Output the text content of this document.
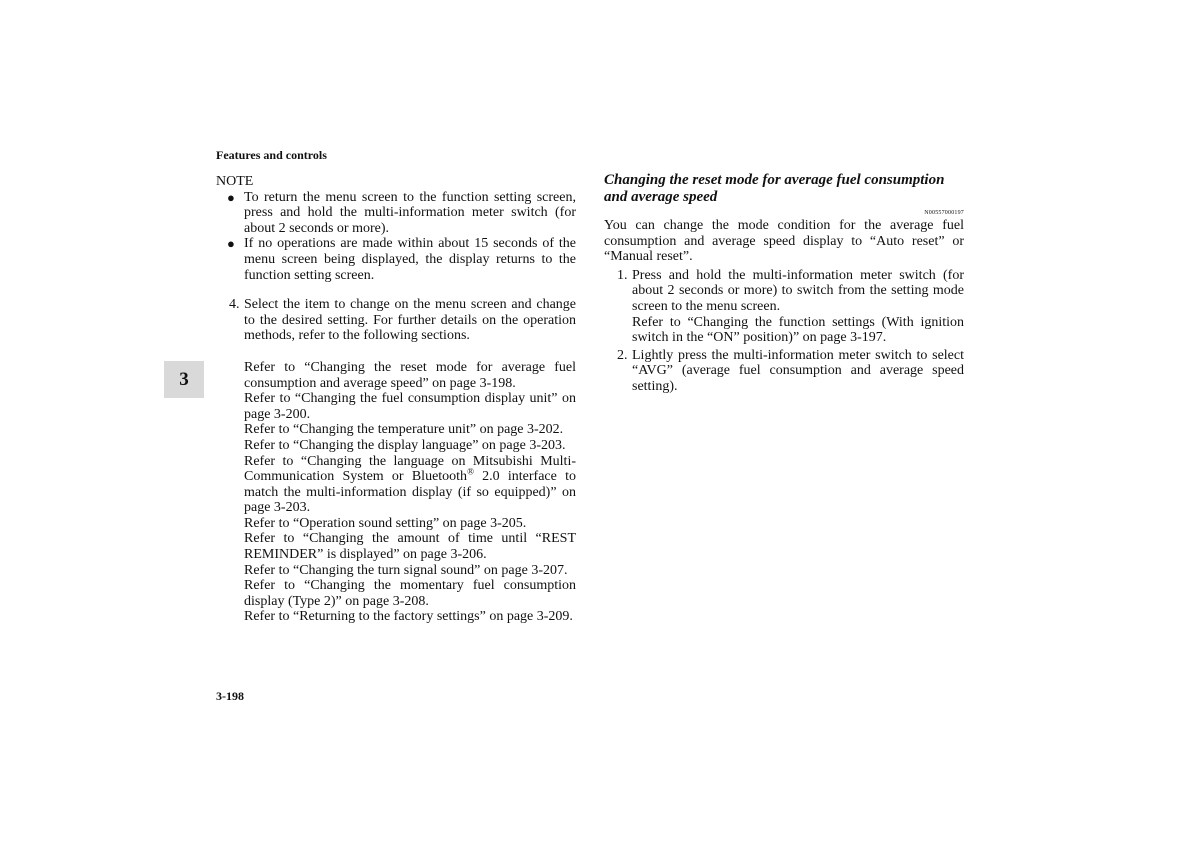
Features and controls
3
NOTE
● To return the menu screen to the function setting screen, press and hold the multi-information meter switch (for about 2 seconds or more).
● If no operations are made within about 15 seconds of the menu screen being displayed, the display returns to the function setting screen.
4. Select the item to change on the menu screen and change to the desired setting. For further details on the operation methods, refer to the following sections.
Refer to “Changing the reset mode for average fuel consumption and average speed” on page 3-198.
Refer to “Changing the fuel consumption display unit” on page 3-200.
Refer to “Changing the temperature unit” on page 3-202.
Refer to “Changing the display language” on page 3-203.
Refer to “Changing the language on Mitsubishi Multi-Communication System or Bluetooth® 2.0 interface to match the multi-information display (if so equipped)” on page 3-203.
Refer to “Operation sound setting” on page 3-205.
Refer to “Changing the amount of time until “REST REMINDER” is displayed” on page 3-206.
Refer to “Changing the turn signal sound” on page 3-207.
Refer to “Changing the momentary fuel consumption display (Type 2)” on page 3-208.
Refer to “Returning to the factory settings” on page 3-209.
Changing the reset mode for average fuel consumption and average speed
N00557000197
You can change the mode condition for the average fuel consumption and average speed display to “Auto reset” or “Manual reset”.
1. Press and hold the multi-information meter switch (for about 2 seconds or more) to switch from the setting mode screen to the menu screen.
Refer to “Changing the function settings (With ignition switch in the “ON” position)” on page 3-197.
2. Lightly press the multi-information meter switch to select “AVG” (average fuel consumption and average speed setting).
3-198
